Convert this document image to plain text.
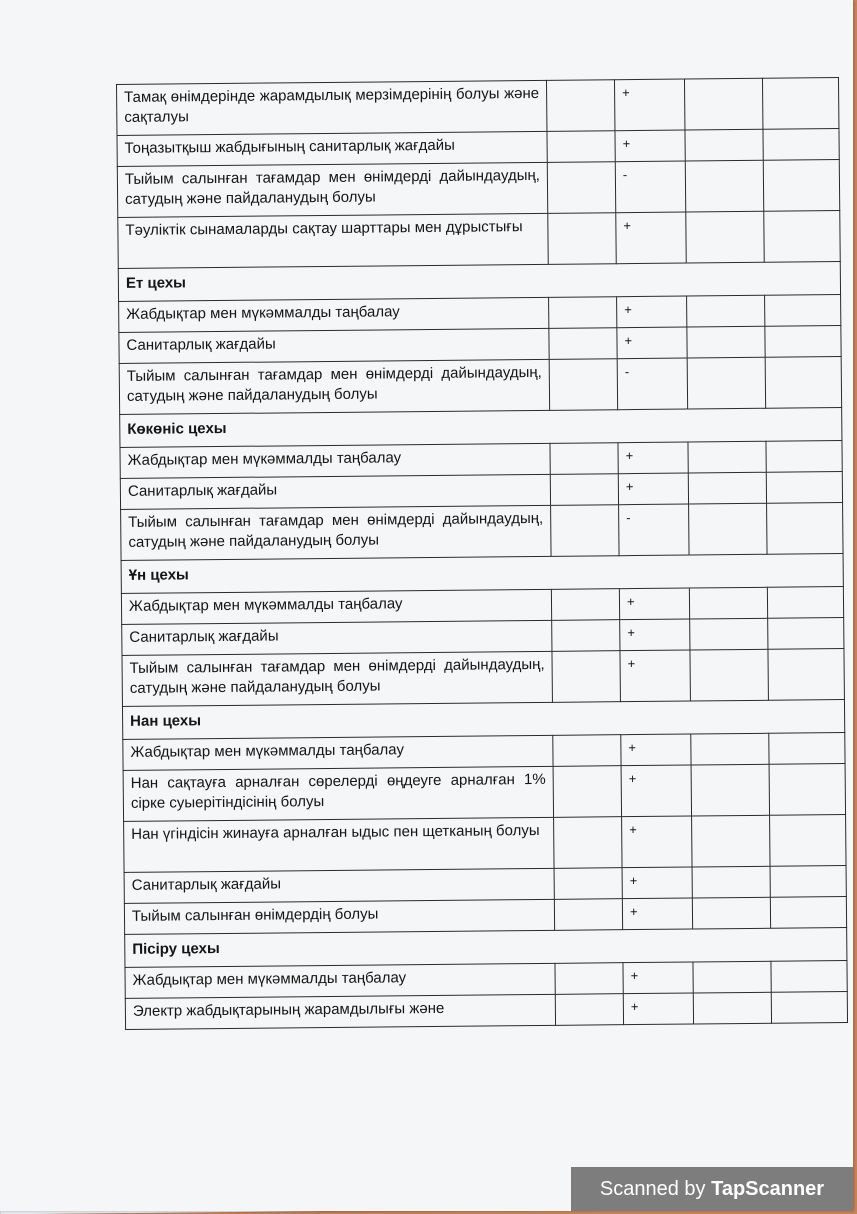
Тамақ өнімдерінде жарамдылық мерзімдерінің болуы және сақталуы		+		
Тоңазытқыш жабдығының санитарлық жағдайы		+		
Тыйым салынған тағамдар мен өнімдерді дайындаудың, сатудың және пайдаланудың болуы		-		
Тәуліктік сынамаларды сақтау шарттары мен дұрыстығы		+		
Ет цехы				
Жабдықтар мен мүкәммалды таңбалау		+		
Санитарлық жағдайы		+		
Тыйым салынған тағамдар мен өнімдерді дайындаудың, сатудың және пайдаланудың болуы		-		
Көкөніс цехы				
Жабдықтар мен мүкәммалды таңбалау		+		
Санитарлық жағдайы		+		
Тыйым салынған тағамдар мен өнімдерді дайындаудың, сатудың және пайдаланудың болуы		-		
Ұн цехы				
Жабдықтар мен мүкәммалды таңбалау		+		
Санитарлық жағдайы		+		
Тыйым салынған тағамдар мен өнімдерді дайындаудың, сатудың және пайдаланудың болуы		+		
Нан цехы				
Жабдықтар мен мүкәммалды таңбалау		+		
Нан сақтауға арналған сөрелерді өңдеуге арналған 1% сірке суыерітіндісінің болуы		+		
Нан үгіндісін жинауға арналған ыдыс пен щетканың болуы		+		
Санитарлық жағдайы		+		
Тыйым салынған өнімдердің болуы		+		
Пісіру цехы				
Жабдықтар мен мүкәммалды таңбалау		+		
Электр жабдықтарының жарамдылығы және		+		
Scanned by TapScanner
